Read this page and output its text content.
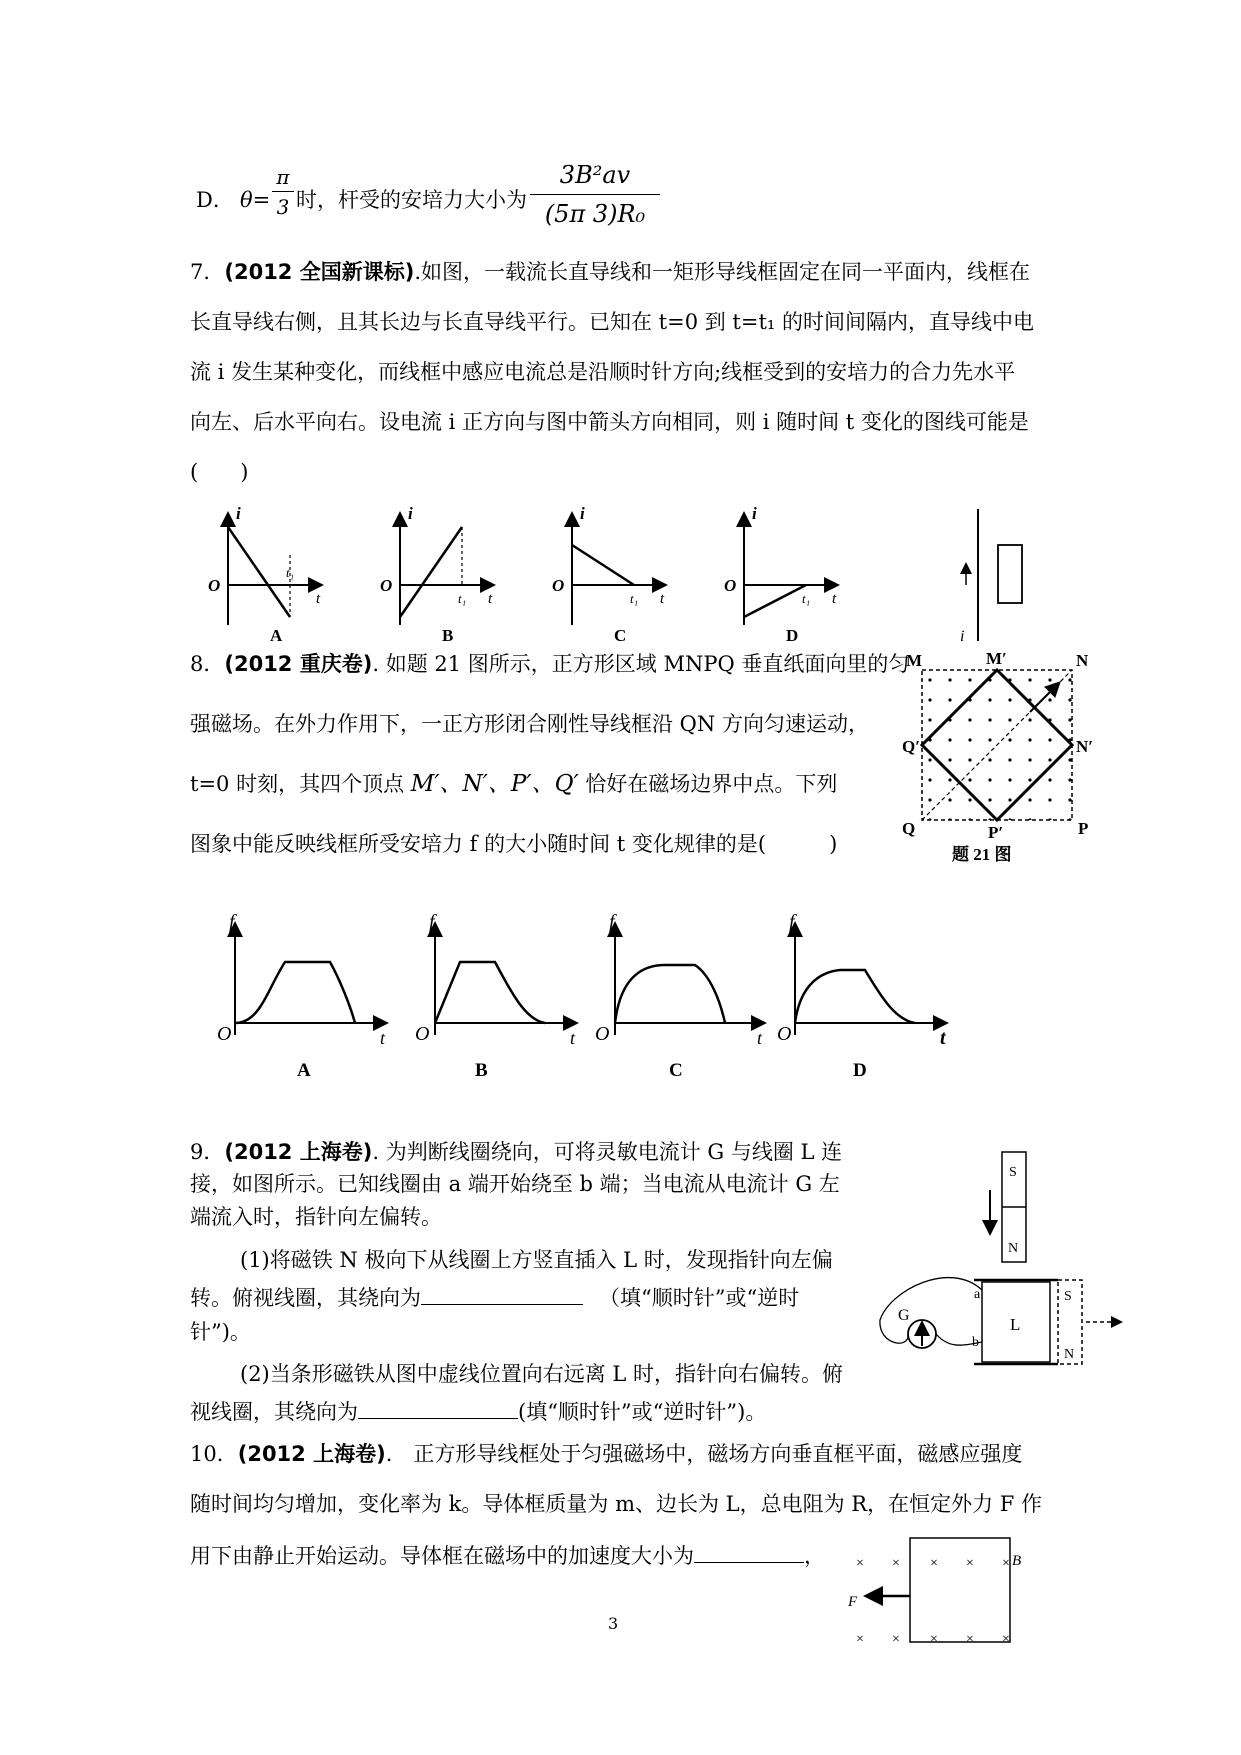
D． θ=
π
3 时，杆受的安培力大小为
3B²av
(5π 3)R₀
7．(2012 全国新课标).如图，一载流长直导线和一矩形导线框固定在同一平面内，线框在
长直导线右侧，且其长边与长直导线平行。已知在 t=0 到 t=t₁ 的时间间隔内，直导线中电
流 i 发生某种变化，而线框中感应电流总是沿顺时针方向;线框受到的安培力的合力先水平
向左、后水平向右。设电流 i 正方向与图中箭头方向相同，则 i 随时间 t 变化的图线可能是
(　　)
i
O
t
t₁
A
i
O
t
t₁
B
i
O
t
t₁
C
i
O
t
t₁
D	i
8．(2012 重庆卷). 如题 21 图所示，正方形区域 MNPQ 垂直纸面向里的匀
强磁场。在外力作用下，一正方形闭合刚性导线框沿 QN 方向匀速运动，
t=0 时刻，其四个顶点 M′、N′、P′、Q′ 恰好在磁场边界中点。下列
图象中能反映线框所受安培力 f 的大小随时间 t 变化规律的是(　　　)
M	M′	N
N′
Q′
Q	P′	P
题 21 图
f
O	t
A
f
O	t
B
f
O	t
C
f
O	t
D
9．(2012 上海卷). 为判断线圈绕向，可将灵敏电流计 G 与线圈 L 连
接，如图所示。已知线圈由 a 端开始绕至 b 端；当电流从电流计 G 左
端流入时，指针向左偏转。
(1)将磁铁 N 极向下从线圈上方竖直插入 L 时，发现指针向左偏
转。俯视线圈，其绕向为	（填“顺时针”或“逆时
针”)。
(2)当条形磁铁从图中虚线位置向右远离 L 时，指针向右偏转。俯
视线圈，其绕向为	(填“顺时针”或“逆时针”)。
S
N
L
a
b
G
S
N
10．(2012 上海卷).　正方形导线框处于匀强磁场中，磁场方向垂直框平面，磁感应强度
随时间均匀增加，变化率为 k。导体框质量为 m、边长为 L，总电阻为 R，在恒定外力 F 作
用下由静止开始运动。导体框在磁场中的加速度大小为	， × × × × ×
× × × × ×
B
F
3
